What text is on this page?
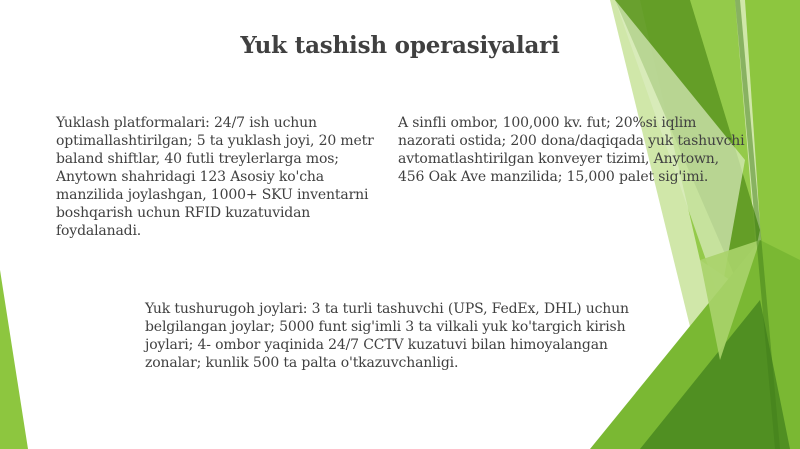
Yuk tashish operasiyalari
Yuklash platformalari: 24/7 ish uchun optimallashtirilgan; 5 ta yuklash joyi, 20 metr baland shiftlar, 40 futli treylerlarga mos; Anytown shahridagi 123 Asosiy ko'cha manzilida joylashgan, 1000+ SKU inventarni boshqarish uchun RFID kuzatuvidan foydalanadi.
A sinfli ombor, 100,000 kv. fut; 20%si iqlim nazorati ostida; 200 dona/daqiqada yuk tashuvchi avtomatlashtirilgan konveyer tizimi, Anytown, 456 Oak Ave manzilida; 15,000 palet sig'imi.
Yuk tushurugoh joylari: 3 ta turli tashuvchi (UPS, FedEx, DHL) uchun belgilangan joylar; 5000 funt sig'imli 3 ta vilkali yuk ko'targich kirish joylari; 4- ombor yaqinida 24/7 CCTV kuzatuvi bilan himoyalangan zonalar; kunlik 500 ta palta o'tkazuvchanligi.
